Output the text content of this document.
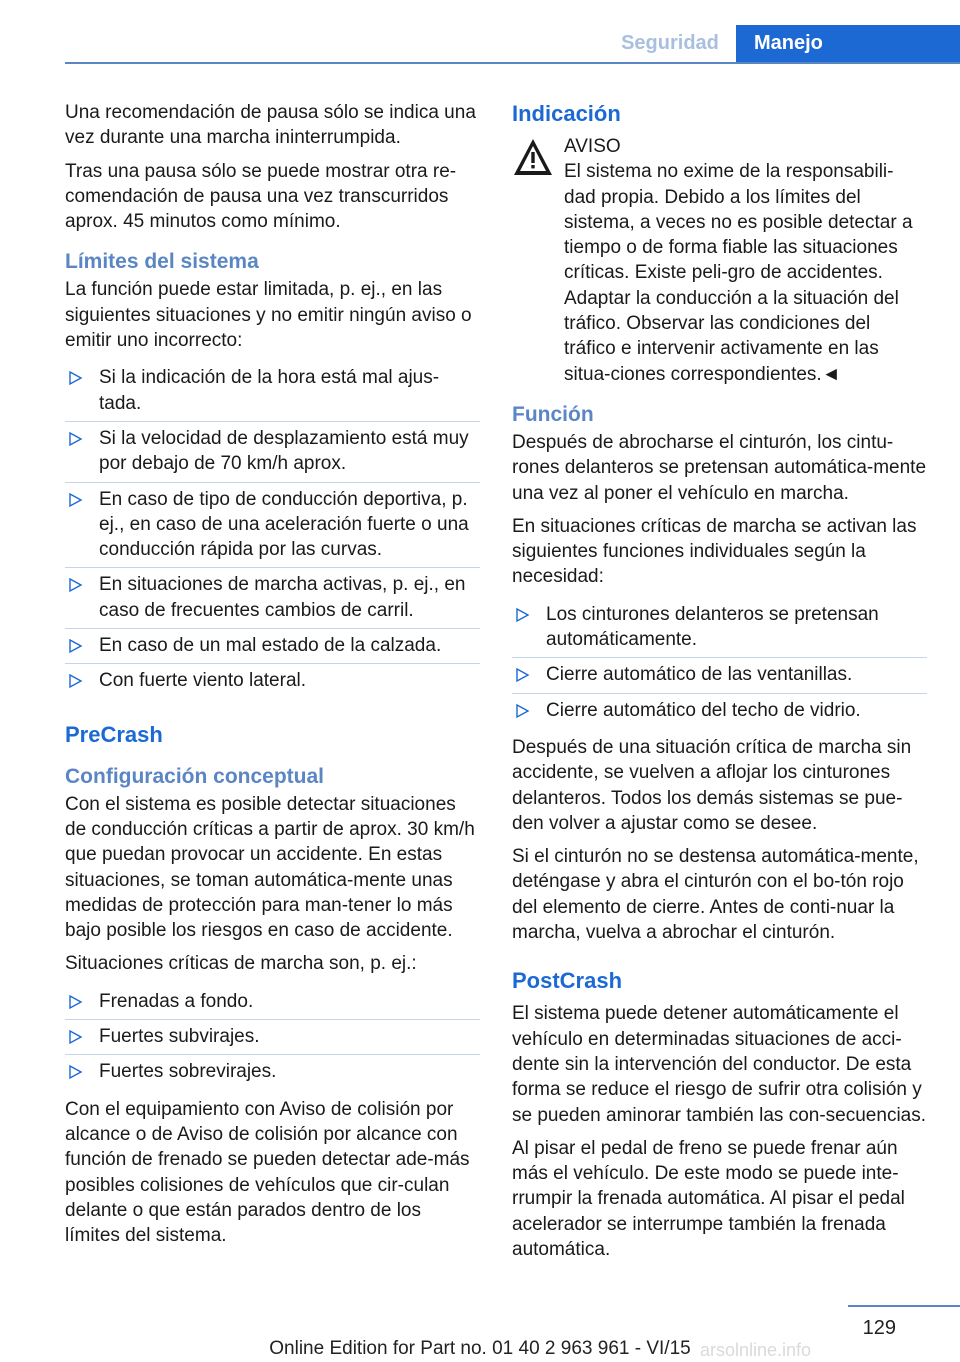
Seguridad	Manejo

Una recomendación de pausa sólo se indica una vez durante una marcha ininterrumpida.

Tras una pausa sólo se puede mostrar otra re-comendación de pausa una vez transcurridos aprox. 45 minutos como mínimo.

Límites del sistema

La función puede estar limitada, p. ej., en las siguientes situaciones y no emitir ningún aviso o emitir uno incorrecto:

Si la indicación de la hora está mal ajus-tada.
Si la velocidad de desplazamiento está muy por debajo de 70 km/h aprox.
En caso de tipo de conducción deportiva, p. ej., en caso de una aceleración fuerte o una conducción rápida por las curvas.
En situaciones de marcha activas, p. ej., en caso de frecuentes cambios de carril.
En caso de un mal estado de la calzada.
Con fuerte viento lateral.
PreCrash
Configuración conceptual

Con el sistema es posible detectar situaciones de conducción críticas a partir de aprox. 30 km/h que puedan provocar un accidente. En estas situaciones, se toman automática-mente unas medidas de protección para man-tener lo más bajo posible los riesgos en caso de accidente.

Situaciones críticas de marcha son, p. ej.:

Frenadas a fondo.
Fuertes subvirajes.
Fuertes sobrevirajes.

Con el equipamiento con Aviso de colisión por alcance o de Aviso de colisión por alcance con función de frenado se pueden detectar ade-más posibles colisiones de vehículos que cir-culan delante o que están parados dentro de los límites del sistema.

Indicación
AVISO
El sistema no exime de la responsabili-

dad propia. Debido a los límites del sistema, a veces no es posible detectar a tiempo o de forma fiable las situaciones críticas. Existe peli-gro de accidentes. Adaptar la conducción a la situación del tráfico. Observar las condiciones del tráfico e intervenir activamente en las situa-ciones correspondientes.◄

Función

Después de abrocharse el cinturón, los cintu-rones delanteros se pretensan automática-mente una vez al poner el vehículo en marcha.

En situaciones críticas de marcha se activan las siguientes funciones individuales según la necesidad:

Los cinturones delanteros se pretensan automáticamente.
Cierre automático de las ventanillas.
Cierre automático del techo de vidrio.

Después de una situación crítica de marcha sin accidente, se vuelven a aflojar los cinturones delanteros. Todos los demás sistemas se pue-den volver a ajustar como se desee.

Si el cinturón no se destensa automática-mente, deténgase y abra el cinturón con el bo-tón rojo del elemento de cierre. Antes de conti-nuar la marcha, vuelva a abrochar el cinturón.

PostCrash

El sistema puede detener automáticamente el vehículo en determinadas situaciones de acci-dente sin la intervención del conductor. De esta forma se reduce el riesgo de sufrir otra colisión y se pueden aminorar también las con-secuencias.

Al pisar el pedal de freno se puede frenar aún más el vehículo. De este modo se puede inte-rrumpir la frenada automática. Al pisar el pedal acelerador se interrumpe también la frenada automática.

129
Online Edition for Part no. 01 40 2 963 961 - VI/15 arsolnline.info
